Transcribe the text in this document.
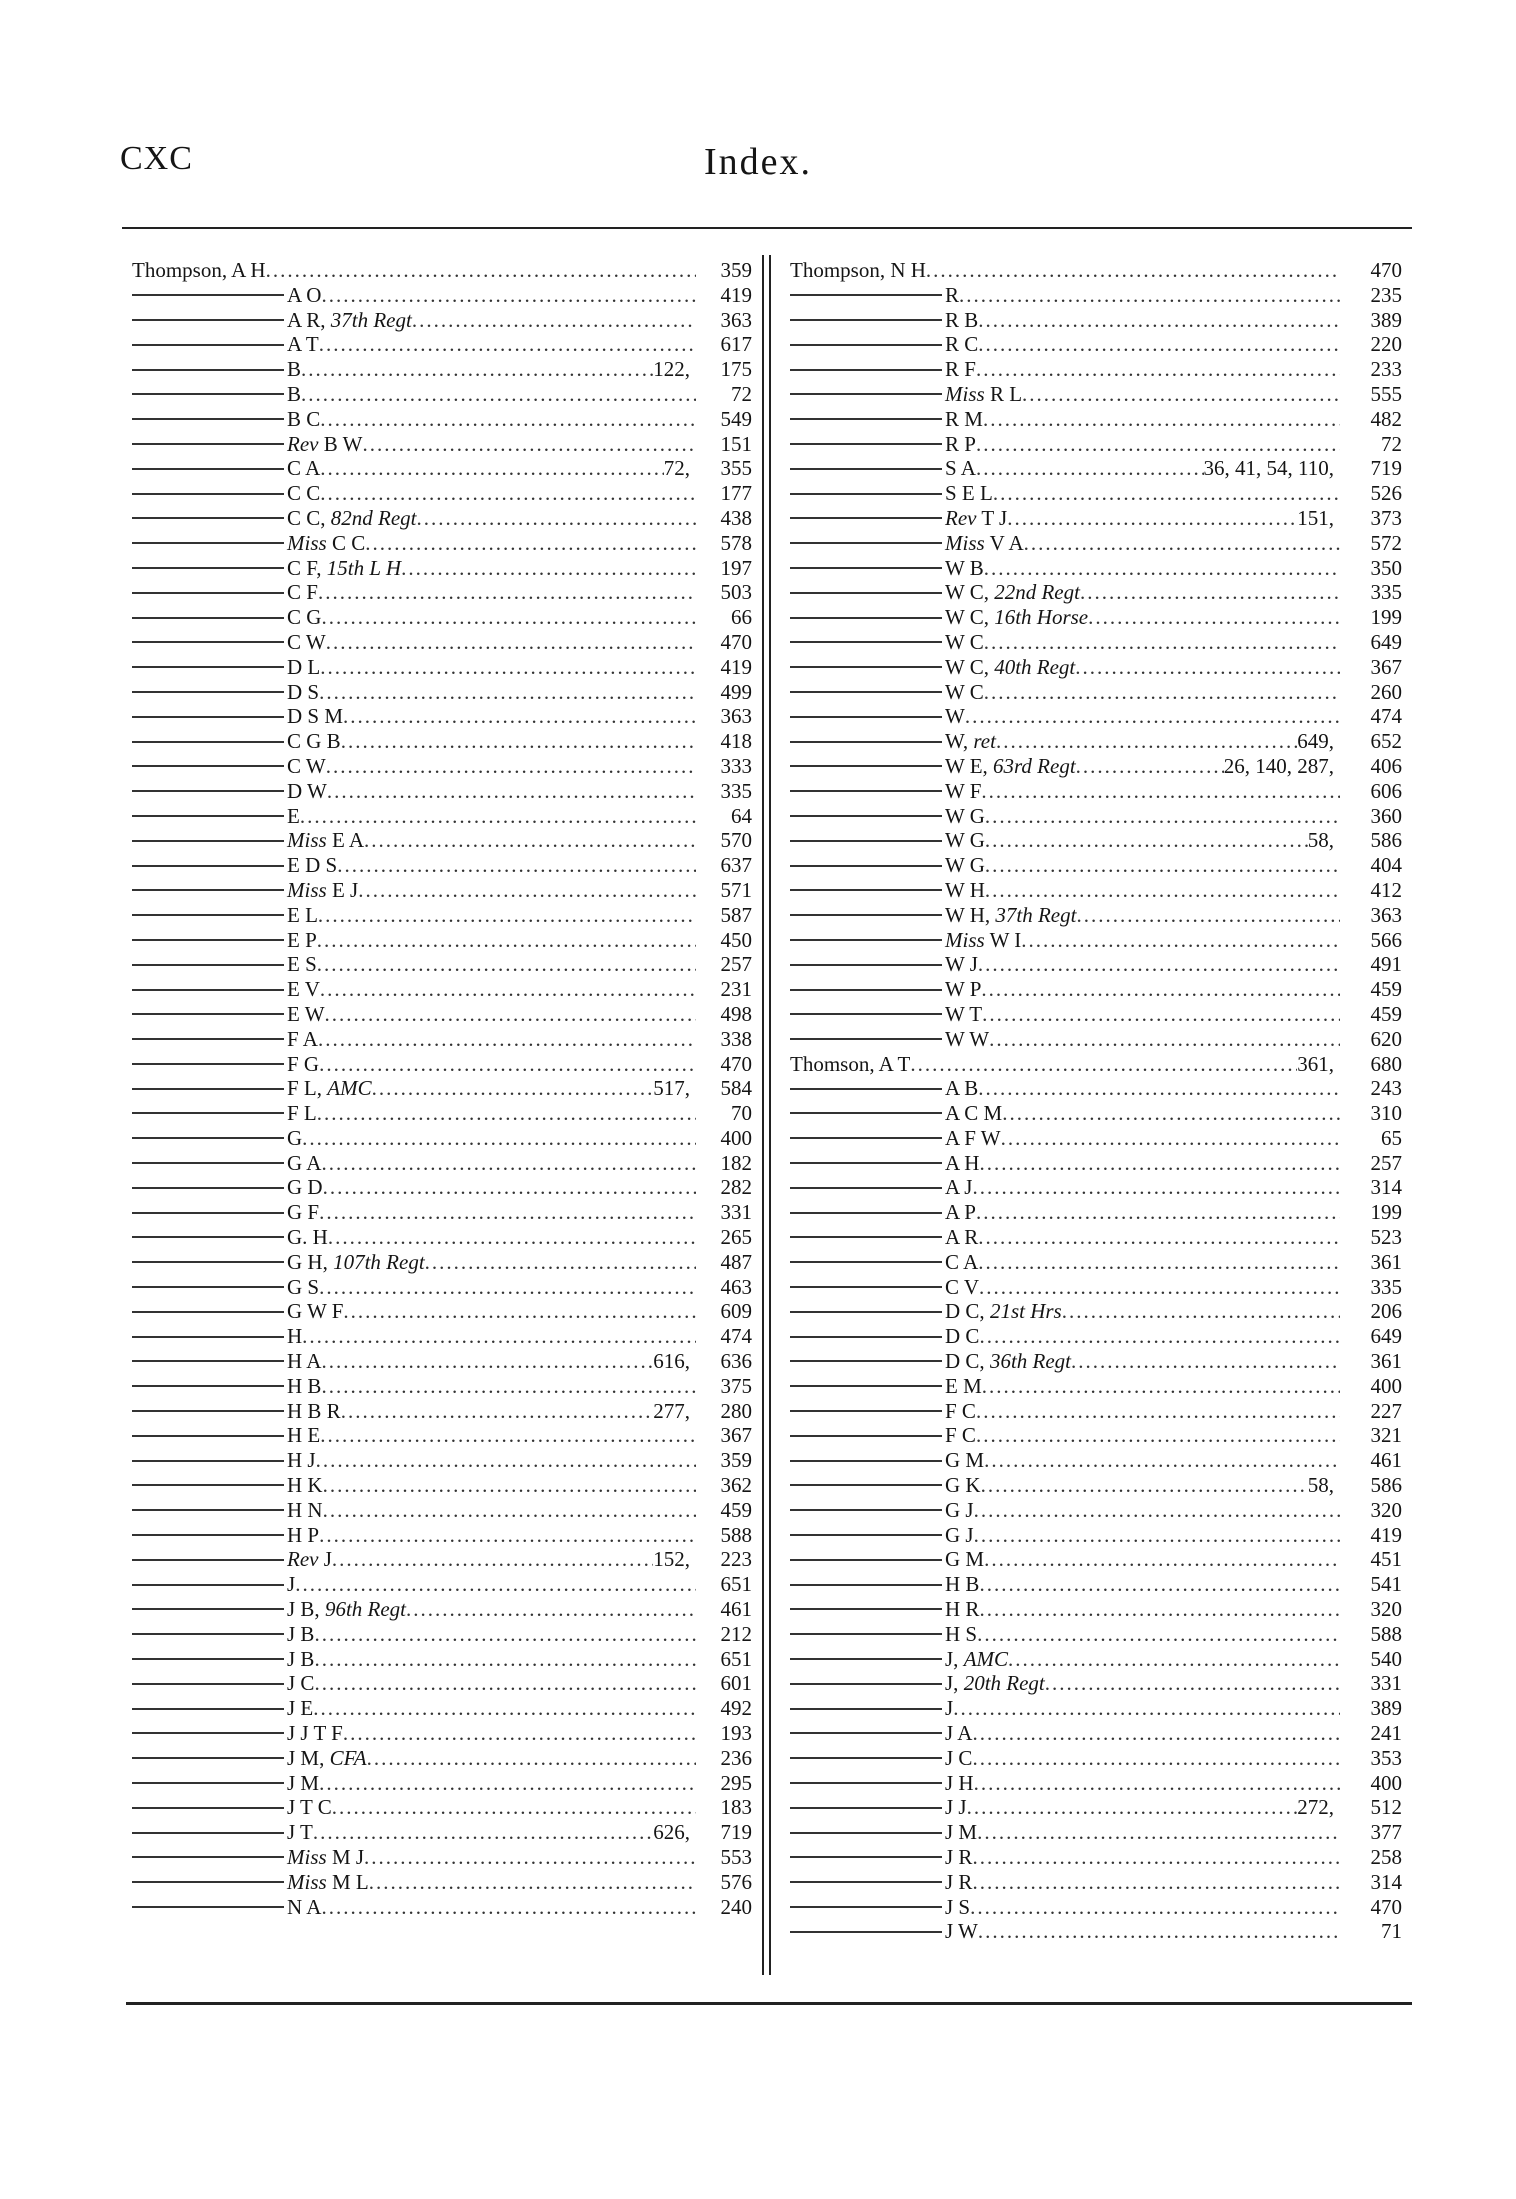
CXC	Index.
Thompson, A H .....	359
A O .....	419
A R, 37th Regt .....	363
A T .....	617
B .....	122,	175
B .....	72
B C .....	549
Rev B W .....	151
C A .....	72,	355
C C .....	177
C C, 82nd Regt .....	438
Miss C C .....	578
C F, 15th L H .....	197
C F .....	503
C G .....	66
C W .....	470
D L .....	419
D S .....	499
D S M .....	363
C G B .....	418
C W .....	333
D W .....	335
E .....	64
Miss E A .....	570
E D S .....	637
Miss E J .....	571
E L .....	587
E P .....	450
E S .....	257
E V .....	231
E W .....	498
F A .....	338
F G .....	470
F L, AMC .....	517,	584
F L .....	70
G .....	400
G A .....	182
G D .....	282
G F .....	331
G. H .....	265
G H, 107th Regt .....	487
G S .....	463
G W F .....	609
H .....	474
H A .....	616,	636
H B .....	375
H B R .....	277,	280
H E .....	367
H J .....	359
H K .....	362
H N .....	459
H P .....	588
Rev J .....	152,	223
J .....	651
J B, 96th Regt .....	461
J B .....	212
J B .....	651
J C .....	601
J E .....	492
J J T F .....	193
J M, CFA .....	236
J M .....	295
J T C .....	183
J T .....	626,	719
Miss M J .....	553
Miss M L .....	576
N A .....	240
Thompson, N H .....	470
R .....	235
R B .....	389
R C .....	220
R F .....	233
Miss R L .....	555
R M .....	482
R P .....	72
S A .....	36, 41, 54, 110,	719
S E L .....	526
Rev T J .....	151,	373
Miss V A .....	572
W B .....	350
W C, 22nd Regt .....	335
W C, 16th Horse .....	199
W C .....	649
W C, 40th Regt .....	367
W C .....	260
W .....	474
W, ret .....	649,	652
W E, 63rd Regt .....	26, 140, 287,	406
W F .....	606
W G .....	360
W G .....	58,	586
W G .....	404
W H .....	412
W H, 37th Regt .....	363
Miss W I .....	566
W J .....	491
W P .....	459
W T .....	459
W W .....	620
Thomson, A T .....	361,	680
A B .....	243
A C M .....	310
A F W .....	65
A H .....	257
A J .....	314
A P .....	199
A R .....	523
C A .....	361
C V .....	335
D C, 21st Hrs .....	206
D C .....	649
D C, 36th Regt .....	361
E M .....	400
F C .....	227
F C .....	321
G M .....	461
G K .....	58,	586
G J .....	320
G J .....	419
G M .....	451
H B .....	541
H R .....	320
H S .....	588
J, AMC .....	540
J, 20th Regt .....	331
J .....	389
J A .....	241
J C .....	353
J H .....	400
J J .....	272,	512
J M .....	377
J R .....	258
J R .....	314
J S .....	470
J W .....	71
